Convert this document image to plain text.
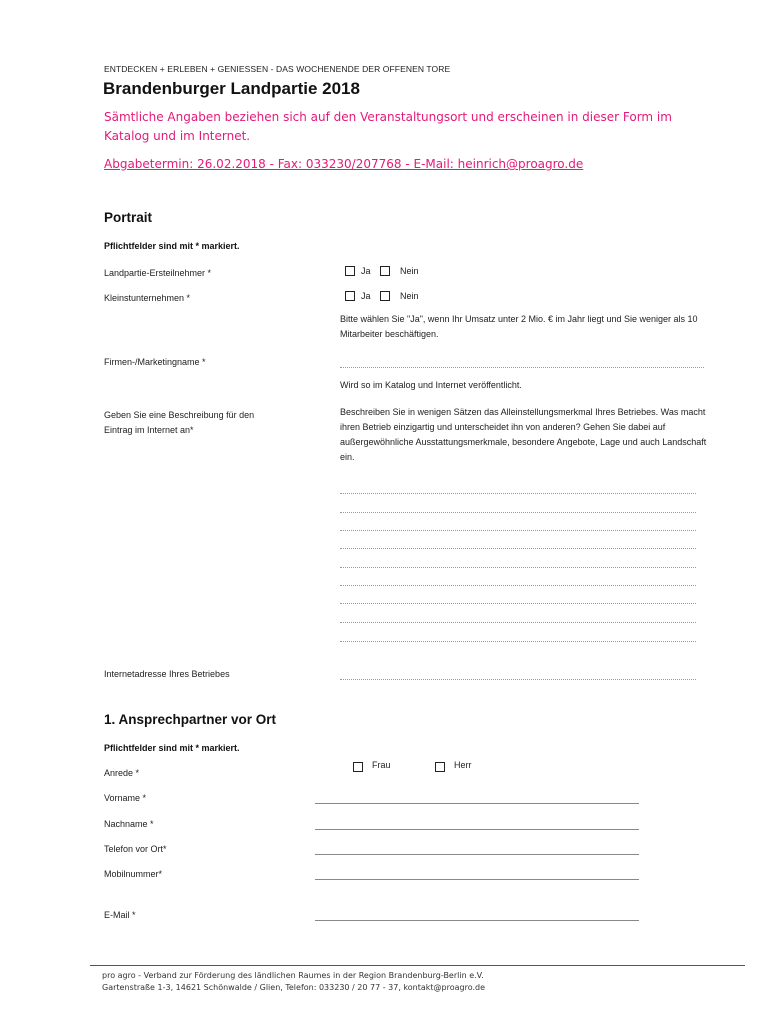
ENTDECKEN + ERLEBEN + GENIESSEN - DAS WOCHENENDE DER OFFENEN TORE
Brandenburger Landpartie 2018
Sämtliche Angaben beziehen sich auf den Veranstaltungsort und erscheinen in dieser Form im Katalog und im Internet.
Abgabetermin: 26.02.2018 - Fax: 033230/207768 - E-Mail: heinrich@proagro.de
Portrait
Pflichtfelder sind mit * markiert.
Landpartie-Ersteilnehmer *	Ja	Nein
Kleinstunternehmen *	Ja	Nein
Bitte wählen Sie "Ja", wenn Ihr Umsatz unter 2 Mio. € im Jahr liegt und Sie weniger als 10 Mitarbeiter beschäftigen.
Firmen-/Marketingname *
Wird so im Katalog und Internet veröffentlicht.
Geben Sie eine Beschreibung für den Eintrag im Internet an*
Beschreiben Sie in wenigen Sätzen das Alleinstellungsmerkmal Ihres Betriebes. Was macht ihren Betrieb einzigartig und unterscheidet ihn von anderen? Gehen Sie dabei auf außergewöhnliche Ausstattungsmerkmale, besondere Angebote, Lage und auch Landschaft ein.
Internetadresse Ihres Betriebes
1. Ansprechpartner vor Ort
Pflichtfelder sind mit * markiert.
Anrede *
Frau	Herr
Vorname *
Nachname *
Telefon vor Ort*
Mobilnummer*
E-Mail *
pro agro - Verband zur Förderung des ländlichen Raumes in der Region Brandenburg-Berlin e.V.
Gartenstraße 1-3, 14621 Schönwalde / Glien, Telefon: 033230 / 20 77 - 37, kontakt@proagro.de
